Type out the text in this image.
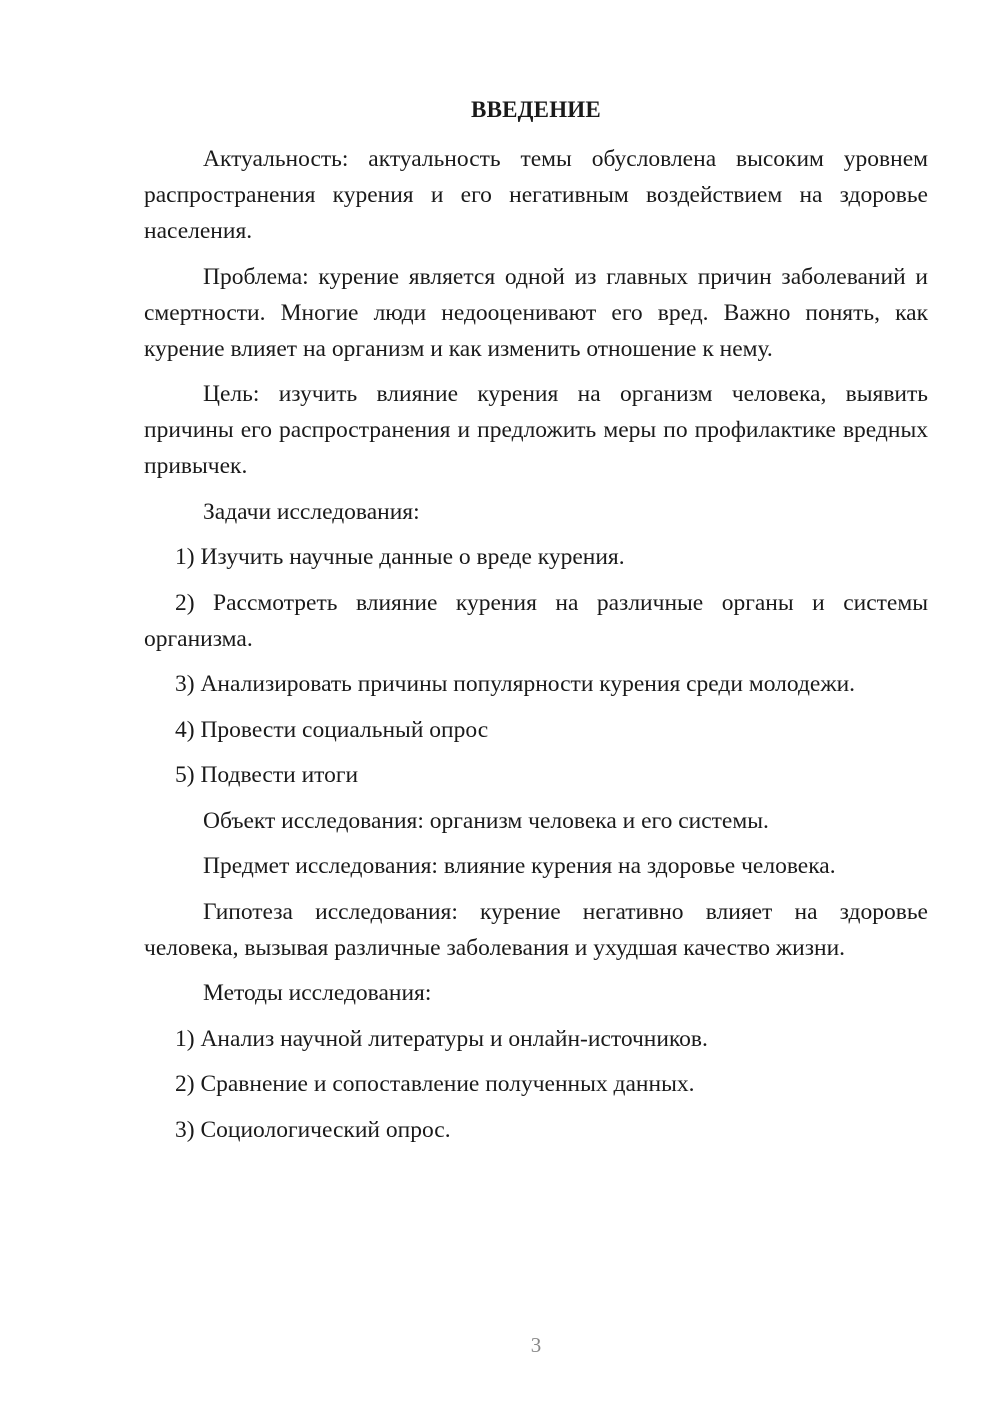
ВВЕДЕНИЕ

Актуальность: актуальность темы обусловлена высоким уровнем распространения курения и его негативным воздействием на здоровье населения.

Проблема: курение является одной из главных причин заболеваний и смертности. Многие люди недооценивают его вред. Важно понять, как курение влияет на организм и как изменить отношение к нему.

Цель: изучить влияние курения на организм человека, выявить причины его распространения и предложить меры по профилактике вредных привычек.

Задачи исследования:

1) Изучить научные данные о вреде курения.

2) Рассмотреть влияние курения на различные органы и системы организма.

3) Анализировать причины популярности курения среди молодежи.

4) Провести социальный опрос

5) Подвести итоги

Объект исследования: организм человека и его системы.

Предмет исследования: влияние курения на здоровье человека.

Гипотеза исследования: курение негативно влияет на здоровье человека, вызывая различные заболевания и ухудшая качество жизни.

Методы исследования:

1) Анализ научной литературы и онлайн-источников.

2) Сравнение и сопоставление полученных данных.

3) Социологический опрос.

3
